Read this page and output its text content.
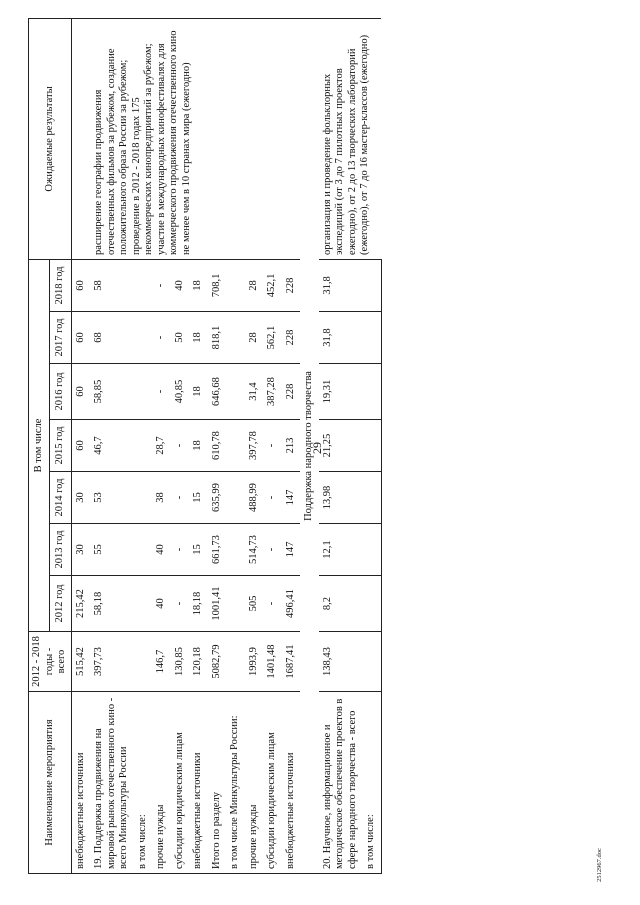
29
2512967.doc
Наименование мероприятия	2012 - 2018 годы - всего	В том числе							Ожидаемые результаты
		2012 год	2013 год	2014 год	2015 год	2016 год	2017 год	2018 год	
внебюджетные источники	515,42	215,42	30	30	60	60	60	60	
19. Поддержка продвижения на мировой рынок отечественного кино - всего Минкультуры России	397,73	58,18	55	53	46,7	58,85	68	58	расширение географии продвижения отечественных фильмов за рубежом, создание положительного образа России за рубежом; проведение в 2012 - 2018 годах 175 некоммерческих кинопредприятий за рубежом; участие в международных кинофестивалях для коммерческого продвижения отечественного кино не менее чем в 10 странах мира (ежегодно)
в том числе:									
прочие нужды	146,7	40	40	38	28,7	-	-	-	
субсидии юридическим лицам	130,85	-	-	-	-	40,85	50	40	
внебюджетные источники	120,18	18,18	15	15	18	18	18	18	
Итого по разделу	5082,79	1001,41	661,73	635,99	610,78	646,68	818,1	708,1	
в том числе Минкультуры России:									
прочие нужды	1993,9	505	514,73	488,99	397,78	31,4	28	28	
субсидии юридическим лицам	1401,48	-	-	-	-	387,28	562,1	452,1	
внебюджетные источники	1687,41	496,41	147	147	213	228	228	228	
Поддержка народного творчества									
20. Научное, информационное и методическое обеспечение проектов в сфере народного творчества - всего	138,43	8,2	12,1	13,98	21,25	19,31	31,8	31,8	организация и проведение фольклорных экспедиций (от 3 до 7 пилотных проектов ежегодно), от 2 до 13 творческих лабораторий (ежегодно), от 7 до 16 мастер-классов (ежегодно)
в том числе:									
